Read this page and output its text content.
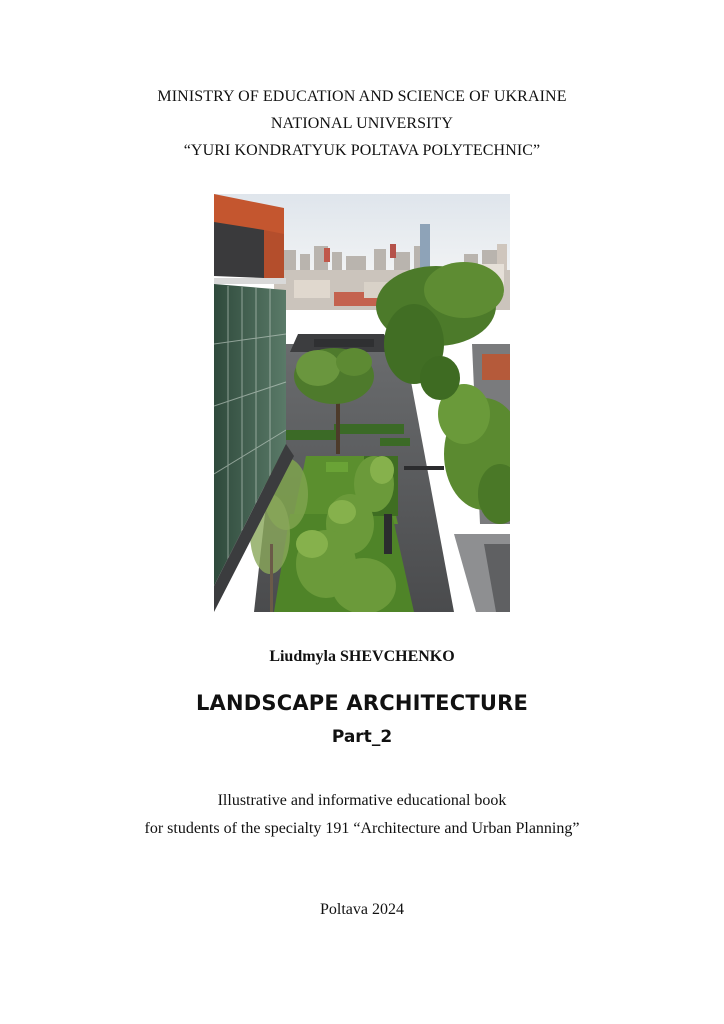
MINISTRY OF EDUCATION AND SCIENCE OF UKRAINE
NATIONAL UNIVERSITY
“YURI KONDRATYUK POLTAVA POLYTECHNIC”
Liudmyla SHEVCHENKO
LANDSCAPE ARCHITECTURE
Part_2
Illustrative and informative educational book
for students of the specialty 191 “Architecture and Urban Planning”
Poltava 2024
